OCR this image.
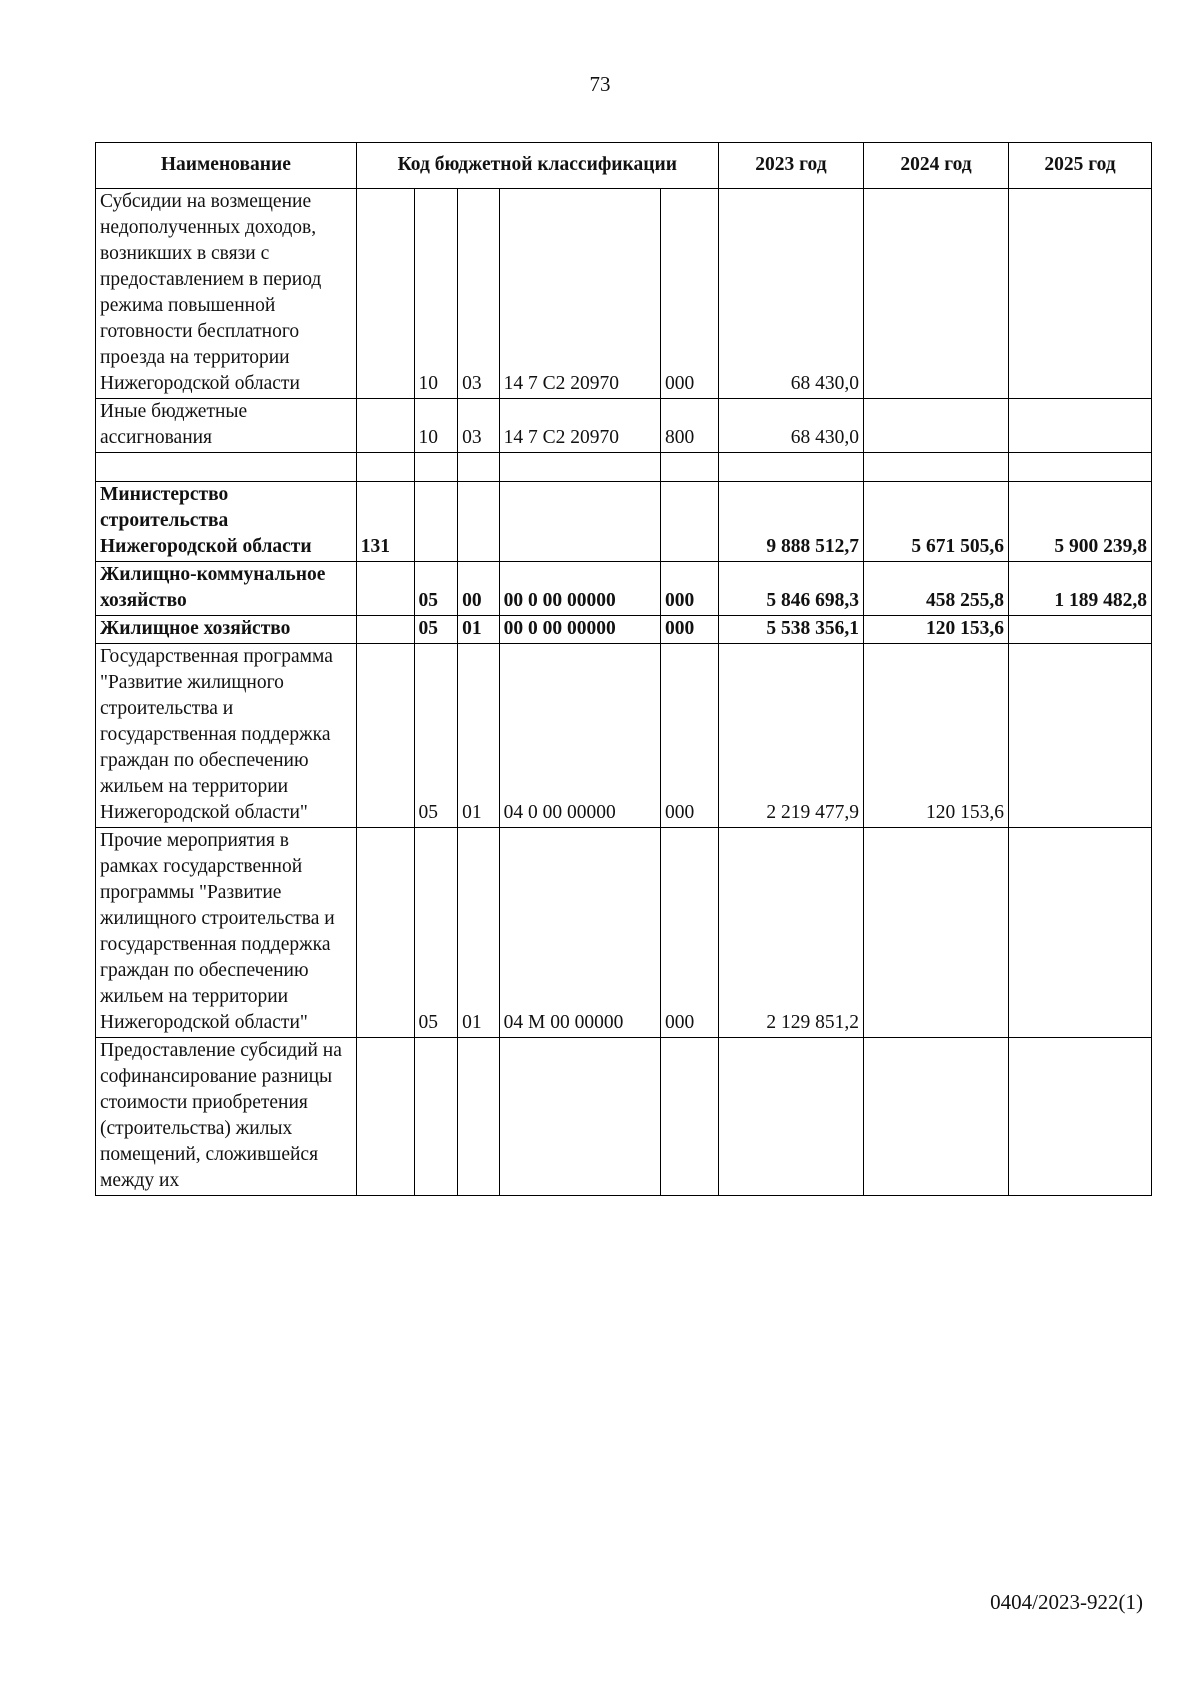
73
Наименование	Код бюджетной классификации					2023 год	2024 год	2025 год
Субсидии на возмещение недополученных доходов, возникших в связи с предоставлением в период режима повышенной готовности бесплатного проезда на территории Нижегородской области		10	03	14 7 С2 20970	000	68 430,0		
Иные бюджетные ассигнования		10	03	14 7 С2 20970	800	68 430,0		

Министерство строительства Нижегородской области	131					9 888 512,7	5 671 505,6	5 900 239,8
Жилищно-коммунальное хозяйство		05	00	00 0 00 00000	000	5 846 698,3	458 255,8	1 189 482,8
Жилищное хозяйство		05	01	00 0 00 00000	000	5 538 356,1	120 153,6	
Государственная программа "Развитие жилищного строительства и государственная поддержка граждан по обеспечению жильем на территории Нижегородской области"		05	01	04 0 00 00000	000	2 219 477,9	120 153,6	
Прочие мероприятия в рамках государственной программы "Развитие жилищного строительства и государственная поддержка граждан по обеспечению жильем на территории Нижегородской области"		05	01	04 М 00 00000	000	2 129 851,2		
Предоставление субсидий на софинансирование разницы стоимости приобретения (строительства) жилых помещений, сложившейся между их								
0404/2023-922(1)
